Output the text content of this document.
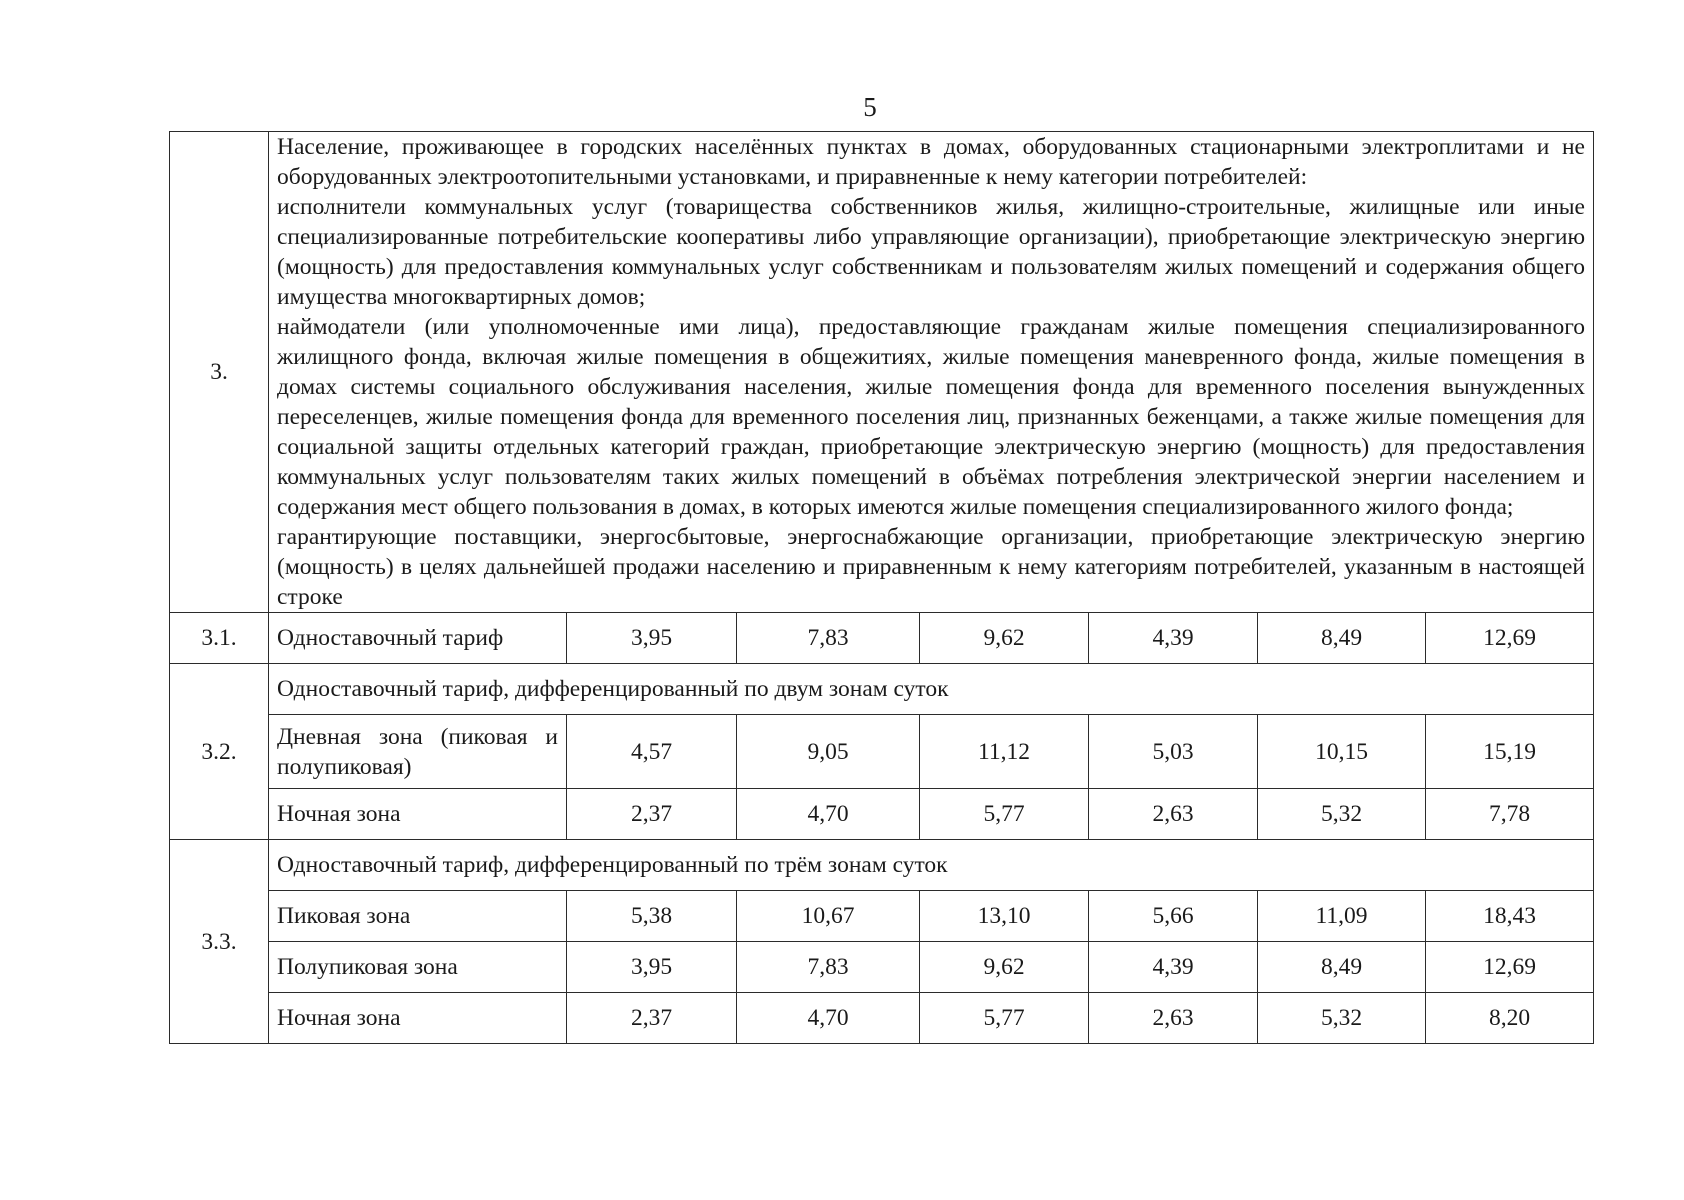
5
3.	Население, проживающее в городских населённых пунктах в домах, оборудованных стационарными электроплитами и не оборудованных электроотопительными установками, и приравненные к нему категории потребителей:

исполнители коммунальных услуг (товарищества собственников жилья, жилищно-строительные, жилищные или иные специализированные потребительские кооперативы либо управляющие организации), приобретающие электрическую энергию (мощность) для предоставления коммунальных услуг собственникам и пользователям жилых помещений и содержания общего имущества многоквартирных домов;

наймодатели (или уполномоченные ими лица), предоставляющие гражданам жилые помещения специализированного жилищного фонда, включая жилые помещения в общежитиях, жилые помещения маневренного фонда, жилые помещения в домах системы социального обслуживания населения, жилые помещения фонда для временного поселения вынужденных переселенцев, жилые помещения фонда для временного поселения лиц, признанных беженцами, а также жилые помещения для социальной защиты отдельных категорий граждан, приобретающие электрическую энергию (мощность) для предоставления коммунальных услуг пользователям таких жилых помещений в объёмах потребления электрической энергии населением и содержания мест общего пользования в домах, в которых имеются жилые помещения специализированного жилого фонда;

гарантирующие поставщики, энергосбытовые, энергоснабжающие организации, приобретающие электрическую энергию (мощность) в целях дальнейшей продажи населению и приравненным к нему категориям потребителей, указанным в настоящей строке						

3.1.	Одноставочный тариф	3,95	7,83	9,62	4,39	8,49	12,69
3.2.	Одноставочный тариф, дифференцированный по двум зонам суток						
	Дневная зона (пиковая и полупиковая)	4,57	9,05	11,12	5,03	10,15	15,19
	Ночная зона	2,37	4,70	5,77	2,63	5,32	7,78
3.3.	Одноставочный тариф, дифференцированный по трём зонам суток						
	Пиковая зона	5,38	10,67	13,10	5,66	11,09	18,43
	Полупиковая зона	3,95	7,83	9,62	4,39	8,49	12,69
	Ночная зона	2,37	4,70	5,77	2,63	5,32	8,20
